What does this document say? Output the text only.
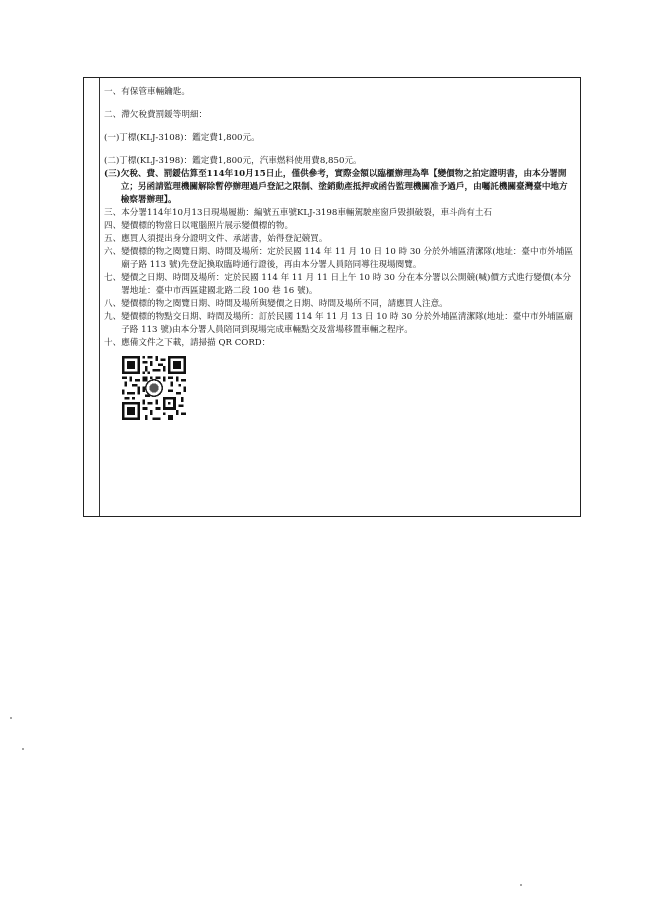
一、有保管車輛鑰匙。
二、滯欠稅費罰鍰等明細：
(一)丁標(KLJ-3108)：鑑定費1,800元。
(二)丁標(KLJ-3198)：鑑定費1,800元，汽車燃料使用費8,850元。
(三) 欠稅、費、罰鍰估算至114年10月15日止，僅供參考，實際金額以臨櫃辦理為準【變價物之拍定證明書，由本分署開立；另函請監理機關解除暫停辦理過戶登記之限制、塗銷動產抵押或函告監理機關准予過戶，由囑託機關臺灣臺中地方檢察署辦理】。
三、 本分署114年10月13日現場履勘：編號五車號KLJ-3198車輛駕駛座窗戶毀損破裂，車斗尚有土石
四、變價標的物當日以電腦照片展示變價標的物。
五、應買人須提出身分證明文件、承諾書，始得登記競買。
六、 變價標的物之閱覽日期、時間及場所：定於民國 114 年 11 月 10 日 10 時 30 分於外埔區清潔隊(地址：臺中市外埔區廟子路 113 號)先登記換取臨時通行證後，再由本分署人員陪同導往現場閱覽。
七、 變價之日期、時間及場所：定於民國 114 年 11 月 11 日上午 10 時 30 分在本分署以公開競(喊)價方式進行變價(本分署地址：臺中市西區建國北路二段 100 巷 16 號)。
八、變價標的物之閱覽日期、時間及場所與變價之日期、時間及場所不同，請應買人注意。
九、 變價標的物點交日期、時間及場所：訂於民國 114 年 11 月 13 日 10 時 30 分於外埔區清潔隊(地址：臺中市外埔區廟子路 113 號)由本分署人員陪同到現場完成車輛點交及當場移置車輛之程序。
十、應備文件之下載，請掃描 QR CORD：
